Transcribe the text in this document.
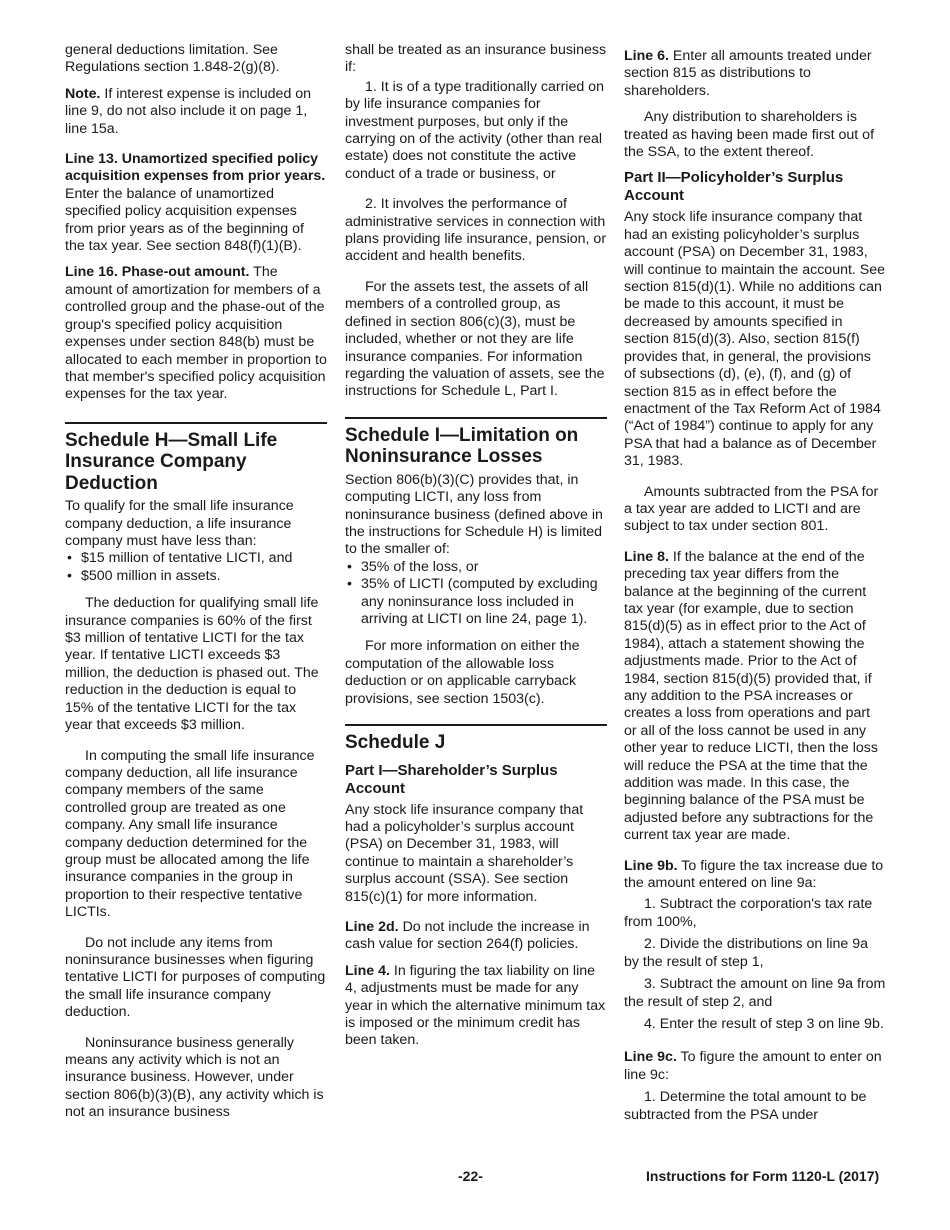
general deductions limitation. See Regulations section 1.848-2(g)(8).

Note. If interest expense is included on line 9, do not also include it on page 1, line 15a.

Line 13. Unamortized specified policy acquisition expenses from prior years. Enter the balance of unamortized specified policy acquisition expenses from prior years as of the beginning of the tax year. See section 848(f)(1)(B).

Line 16. Phase-out amount. The amount of amortization for members of a controlled group and the phase-out of the group's specified policy acquisition expenses under section 848(b) must be allocated to each member in proportion to that member's specified policy acquisition expenses for the tax year.

Schedule H—Small Life Insurance Company Deduction

To qualify for the small life insurance company deduction, a life insurance company must have less than:

• $15 million of tentative LICTI, and
• $500 million in assets.

The deduction for qualifying small life insurance companies is 60% of the first $3 million of tentative LICTI for the tax year. If tentative LICTI exceeds $3 million, the deduction is phased out. The reduction in the deduction is equal to 15% of the tentative LICTI for the tax year that exceeds $3 million.

In computing the small life insurance company deduction, all life insurance company members of the same controlled group are treated as one company. Any small life insurance company deduction determined for the group must be allocated among the life insurance companies in the group in proportion to their respective tentative LICTIs.

Do not include any items from noninsurance businesses when figuring tentative LICTI for purposes of computing the small life insurance company deduction.

Noninsurance business generally means any activity which is not an insurance business. However, under section 806(b)(3)(B), any activity which is not an insurance business

shall be treated as an insurance business if:

1. It is of a type traditionally carried on by life insurance companies for investment purposes, but only if the carrying on of the activity (other than real estate) does not constitute the active conduct of a trade or business, or

2. It involves the performance of administrative services in connection with plans providing life insurance, pension, or accident and health benefits.

For the assets test, the assets of all members of a controlled group, as defined in section 806(c)(3), must be included, whether or not they are life insurance companies. For information regarding the valuation of assets, see the instructions for Schedule L, Part I.

Schedule I—Limitation on Noninsurance Losses

Section 806(b)(3)(C) provides that, in computing LICTI, any loss from noninsurance business (defined above in the instructions for Schedule H) is limited to the smaller of:

• 35% of the loss, or
• 35% of LICTI (computed by excluding any noninsurance loss included in arriving at LICTI on line 24, page 1).

For more information on either the computation of the allowable loss deduction or on applicable carryback provisions, see section 1503(c).

Schedule J
Part I—Shareholder’s Surplus Account

Any stock life insurance company that had a policyholder’s surplus account (PSA) on December 31, 1983, will continue to maintain a shareholder’s surplus account (SSA). See section 815(c)(1) for more information.

Line 2d. Do not include the increase in cash value for section 264(f) policies.

Line 4. In figuring the tax liability on line 4, adjustments must be made for any year in which the alternative minimum tax is imposed or the minimum credit has been taken.

Line 6. Enter all amounts treated under section 815 as distributions to shareholders.

Any distribution to shareholders is treated as having been made first out of the SSA, to the extent thereof.

Part II—Policyholder’s Surplus Account

Any stock life insurance company that had an existing policyholder’s surplus account (PSA) on December 31, 1983, will continue to maintain the account. See section 815(d)(1). While no additions can be made to this account, it must be decreased by amounts specified in section 815(d)(3). Also, section 815(f) provides that, in general, the provisions of subsections (d), (e), (f), and (g) of section 815 as in effect before the enactment of the Tax Reform Act of 1984 (“Act of 1984”) continue to apply for any PSA that had a balance as of December 31, 1983.

Amounts subtracted from the PSA for a tax year are added to LICTI and are subject to tax under section 801.

Line 8. If the balance at the end of the preceding tax year differs from the balance at the beginning of the current tax year (for example, due to section 815(d)(5) as in effect prior to the Act of 1984), attach a statement showing the adjustments made. Prior to the Act of 1984, section 815(d)(5) provided that, if any addition to the PSA increases or creates a loss from operations and part or all of the loss cannot be used in any other year to reduce LICTI, then the loss will reduce the PSA at the time that the addition was made. In this case, the beginning balance of the PSA must be adjusted before any subtractions for the current tax year are made.

Line 9b. To figure the tax increase due to the amount entered on line 9a:

1. Subtract the corporation's tax rate from 100%,

2. Divide the distributions on line 9a by the result of step 1,

3. Subtract the amount on line 9a from the result of step 2, and

4. Enter the result of step 3 on line 9b.

Line 9c. To figure the amount to enter on line 9c:

1. Determine the total amount to be subtracted from the PSA under

-22-	Instructions for Form 1120-L (2017)
